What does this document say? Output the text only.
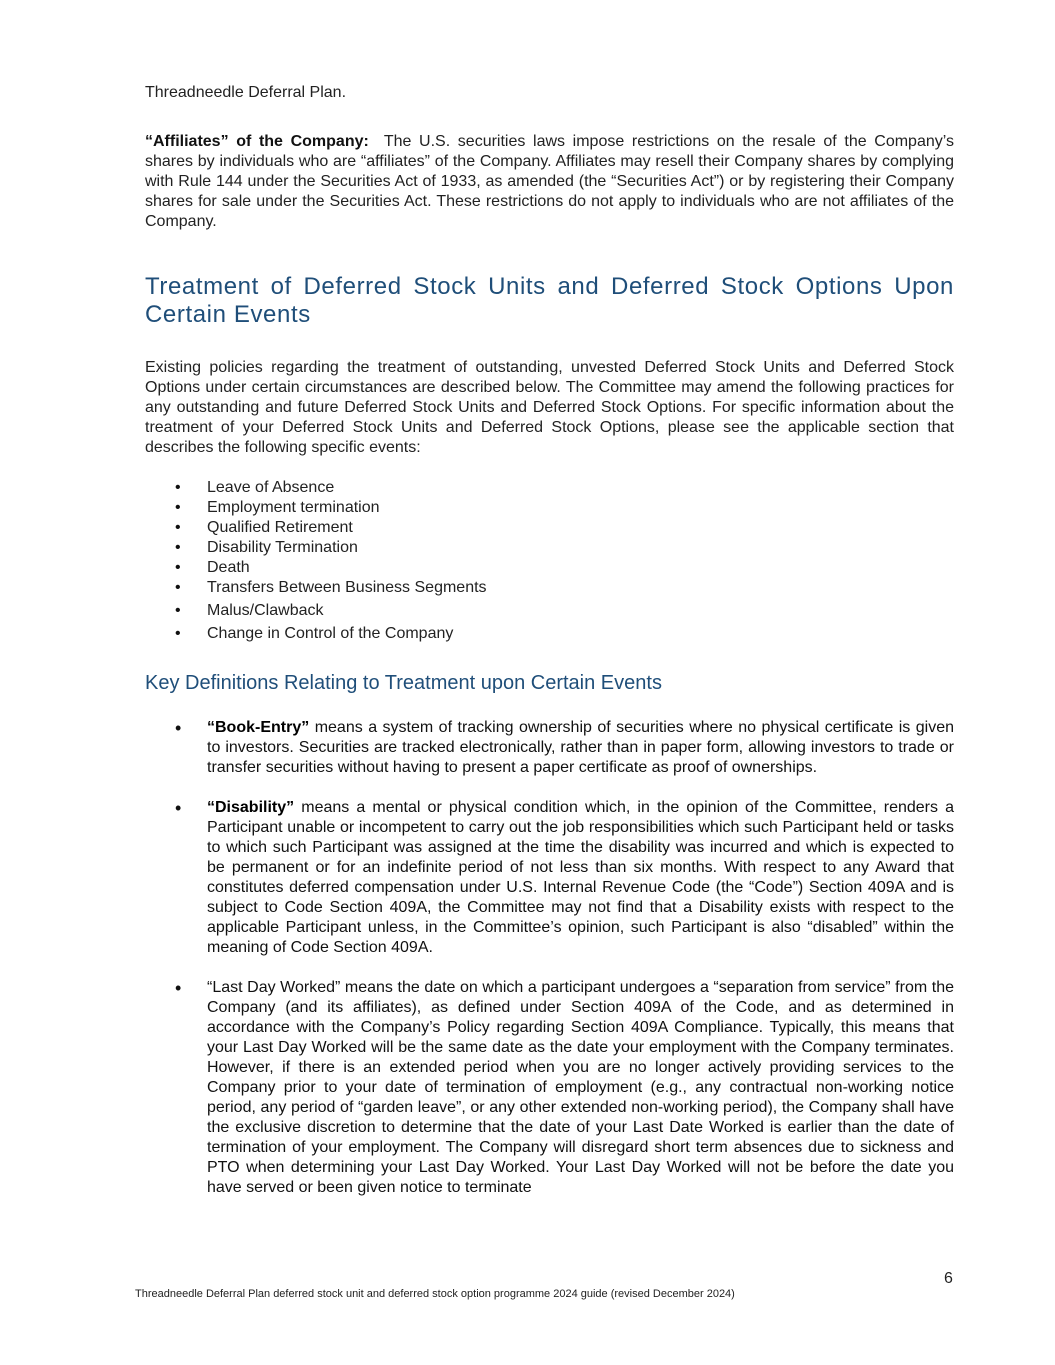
Threadneedle Deferral Plan.

“Affiliates” of the Company: The U.S. securities laws impose restrictions on the resale of the Company’s shares by individuals who are “affiliates” of the Company. Affiliates may resell their Company shares by complying with Rule 144 under the Securities Act of 1933, as amended (the “Securities Act”) or by registering their Company shares for sale under the Securities Act. These restrictions do not apply to individuals who are not affiliates of the Company.

Treatment of Deferred Stock Units and Deferred Stock Options Upon Certain Events

Existing policies regarding the treatment of outstanding, unvested Deferred Stock Units and Deferred Stock Options under certain circumstances are described below. The Committee may amend the following practices for any outstanding and future Deferred Stock Units and Deferred Stock Options. For specific information about the treatment of your Deferred Stock Units and Deferred Stock Options, please see the applicable section that describes the following specific events:

• Leave of Absence
• Employment termination
• Qualified Retirement
• Disability Termination
• Death
• Transfers Between Business Segments
• Malus/Clawback
• Change in Control of the Company
Key Definitions Relating to Treatment upon Certain Events

• “Book-Entry” means a system of tracking ownership of securities where no physical certificate is given to investors. Securities are tracked electronically, rather than in paper form, allowing investors to trade or transfer securities without having to present a paper certificate as proof of ownerships.

• “Disability” means a mental or physical condition which, in the opinion of the Committee, renders a Participant unable or incompetent to carry out the job responsibilities which such Participant held or tasks to which such Participant was assigned at the time the disability was incurred and which is expected to be permanent or for an indefinite period of not less than six months. With respect to any Award that constitutes deferred compensation under U.S. Internal Revenue Code (the “Code”) Section 409A and is subject to Code Section 409A, the Committee may not find that a Disability exists with respect to the applicable Participant unless, in the Committee’s opinion, such Participant is also “disabled” within the meaning of Code Section 409A.

• “Last Day Worked” means the date on which a participant undergoes a “separation from service” from the Company (and its affiliates), as defined under Section 409A of the Code, and as determined in accordance with the Company’s Policy regarding Section 409A Compliance. Typically, this means that your Last Day Worked will be the same date as the date your employment with the Company terminates. However, if there is an extended period when you are no longer actively providing services to the Company prior to your date of termination of employment (e.g., any contractual non-working notice period, any period of “garden leave”, or any other extended non-working period), the Company shall have the exclusive discretion to determine that the date of your Last Date Worked is earlier than the date of termination of your employment. The Company will disregard short term absences due to sickness and PTO when determining your Last Day Worked. Your Last Day Worked will not be before the date you have served or been given notice to terminate

6
Threadneedle Deferral Plan deferred stock unit and deferred stock option programme 2024 guide (revised December 2024)
